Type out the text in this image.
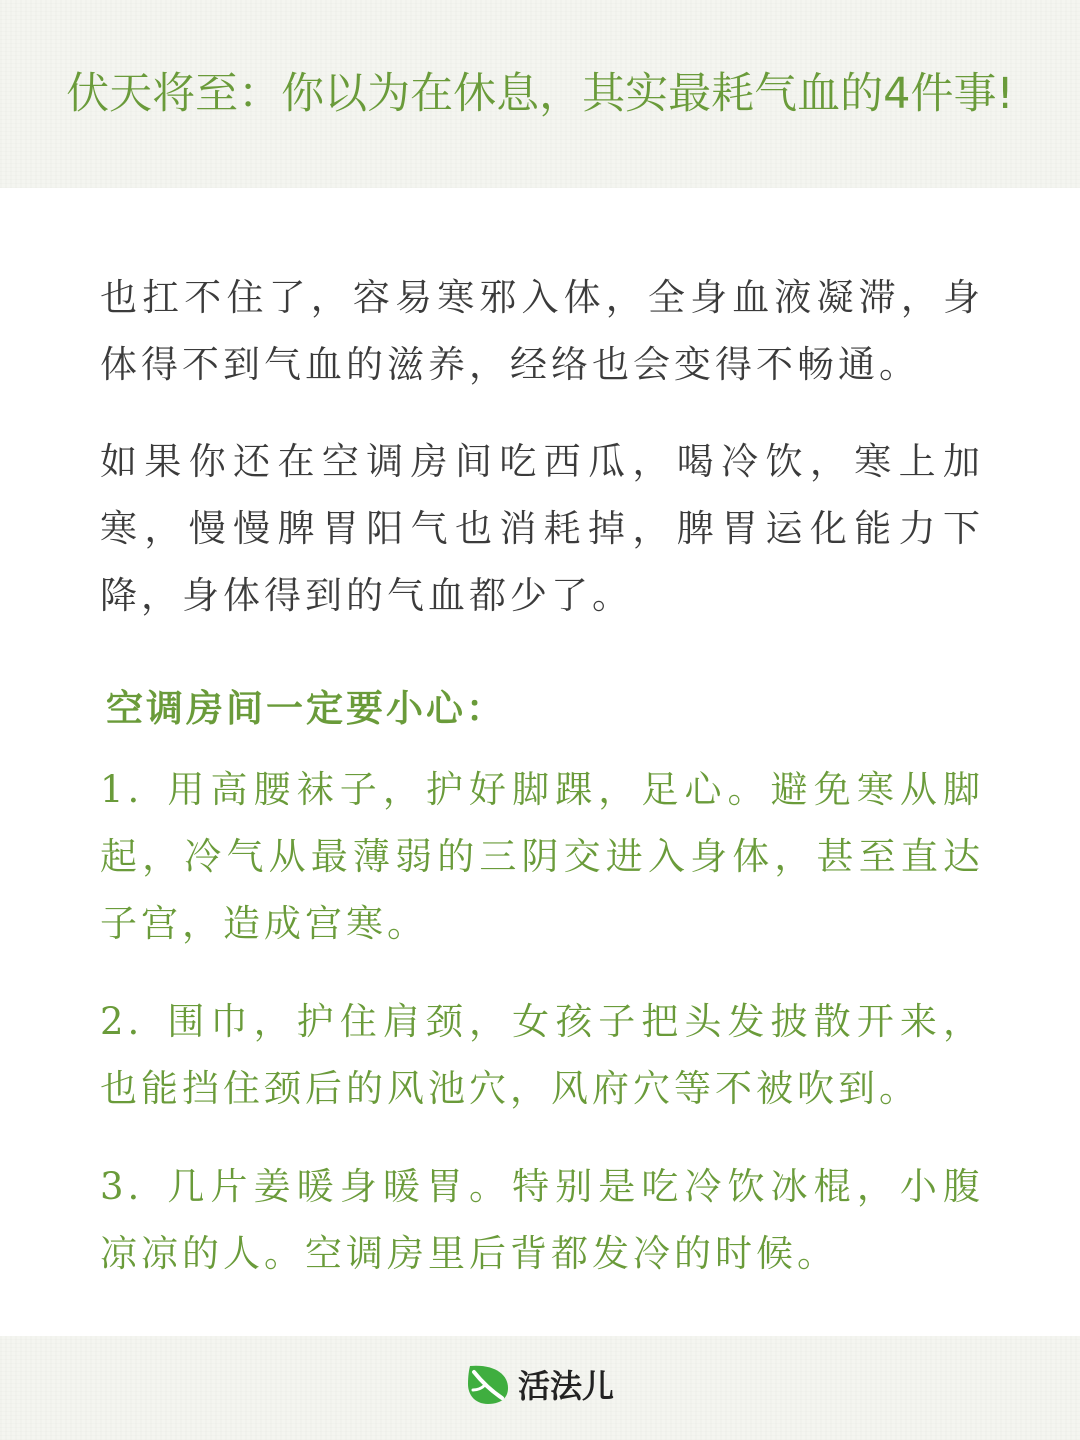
伏天将至：你以为在休息，其实最耗气血的4件事!

也扛不住了，容易寒邪入体，全身血液凝滞，身体得不到气血的滋养，经络也会变得不畅通。

如果你还在空调房间吃西瓜，喝冷饮，寒上加寒，慢慢脾胃阳气也消耗掉，脾胃运化能力下降，身体得到的气血都少了。

空调房间一定要小心：

1. 用高腰袜子，护好脚踝，足心。避免寒从脚起，冷气从最薄弱的三阴交进入身体，甚至直达子宫，造成宫寒。

2. 围巾，护住肩颈，女孩子把头发披散开来，也能挡住颈后的风池穴，风府穴等不被吹到。

3. 几片姜暖身暖胃。特别是吃冷饮冰棍，小腹凉凉的人。空调房里后背都发冷的时候。

活法儿
